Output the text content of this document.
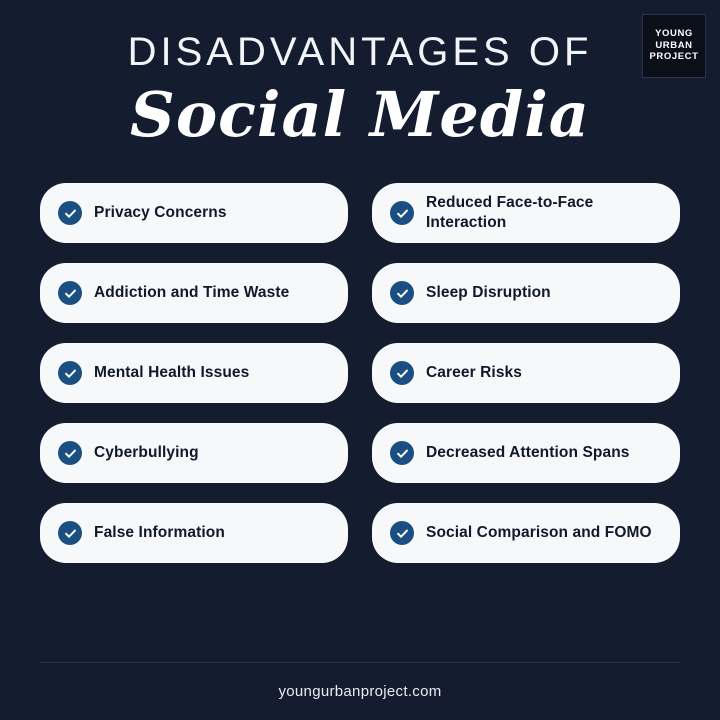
YOUNG
URBAN
PROJECT
DISADVANTAGES OF
Social Media
Privacy Concerns
Reduced Face-to-Face Interaction
Addiction and Time Waste	Sleep Disruption
Mental Health Issues	Career Risks
Cyberbullying	Decreased Attention Spans
False Information	Social Comparison and FOMO
youngurbanproject.com
